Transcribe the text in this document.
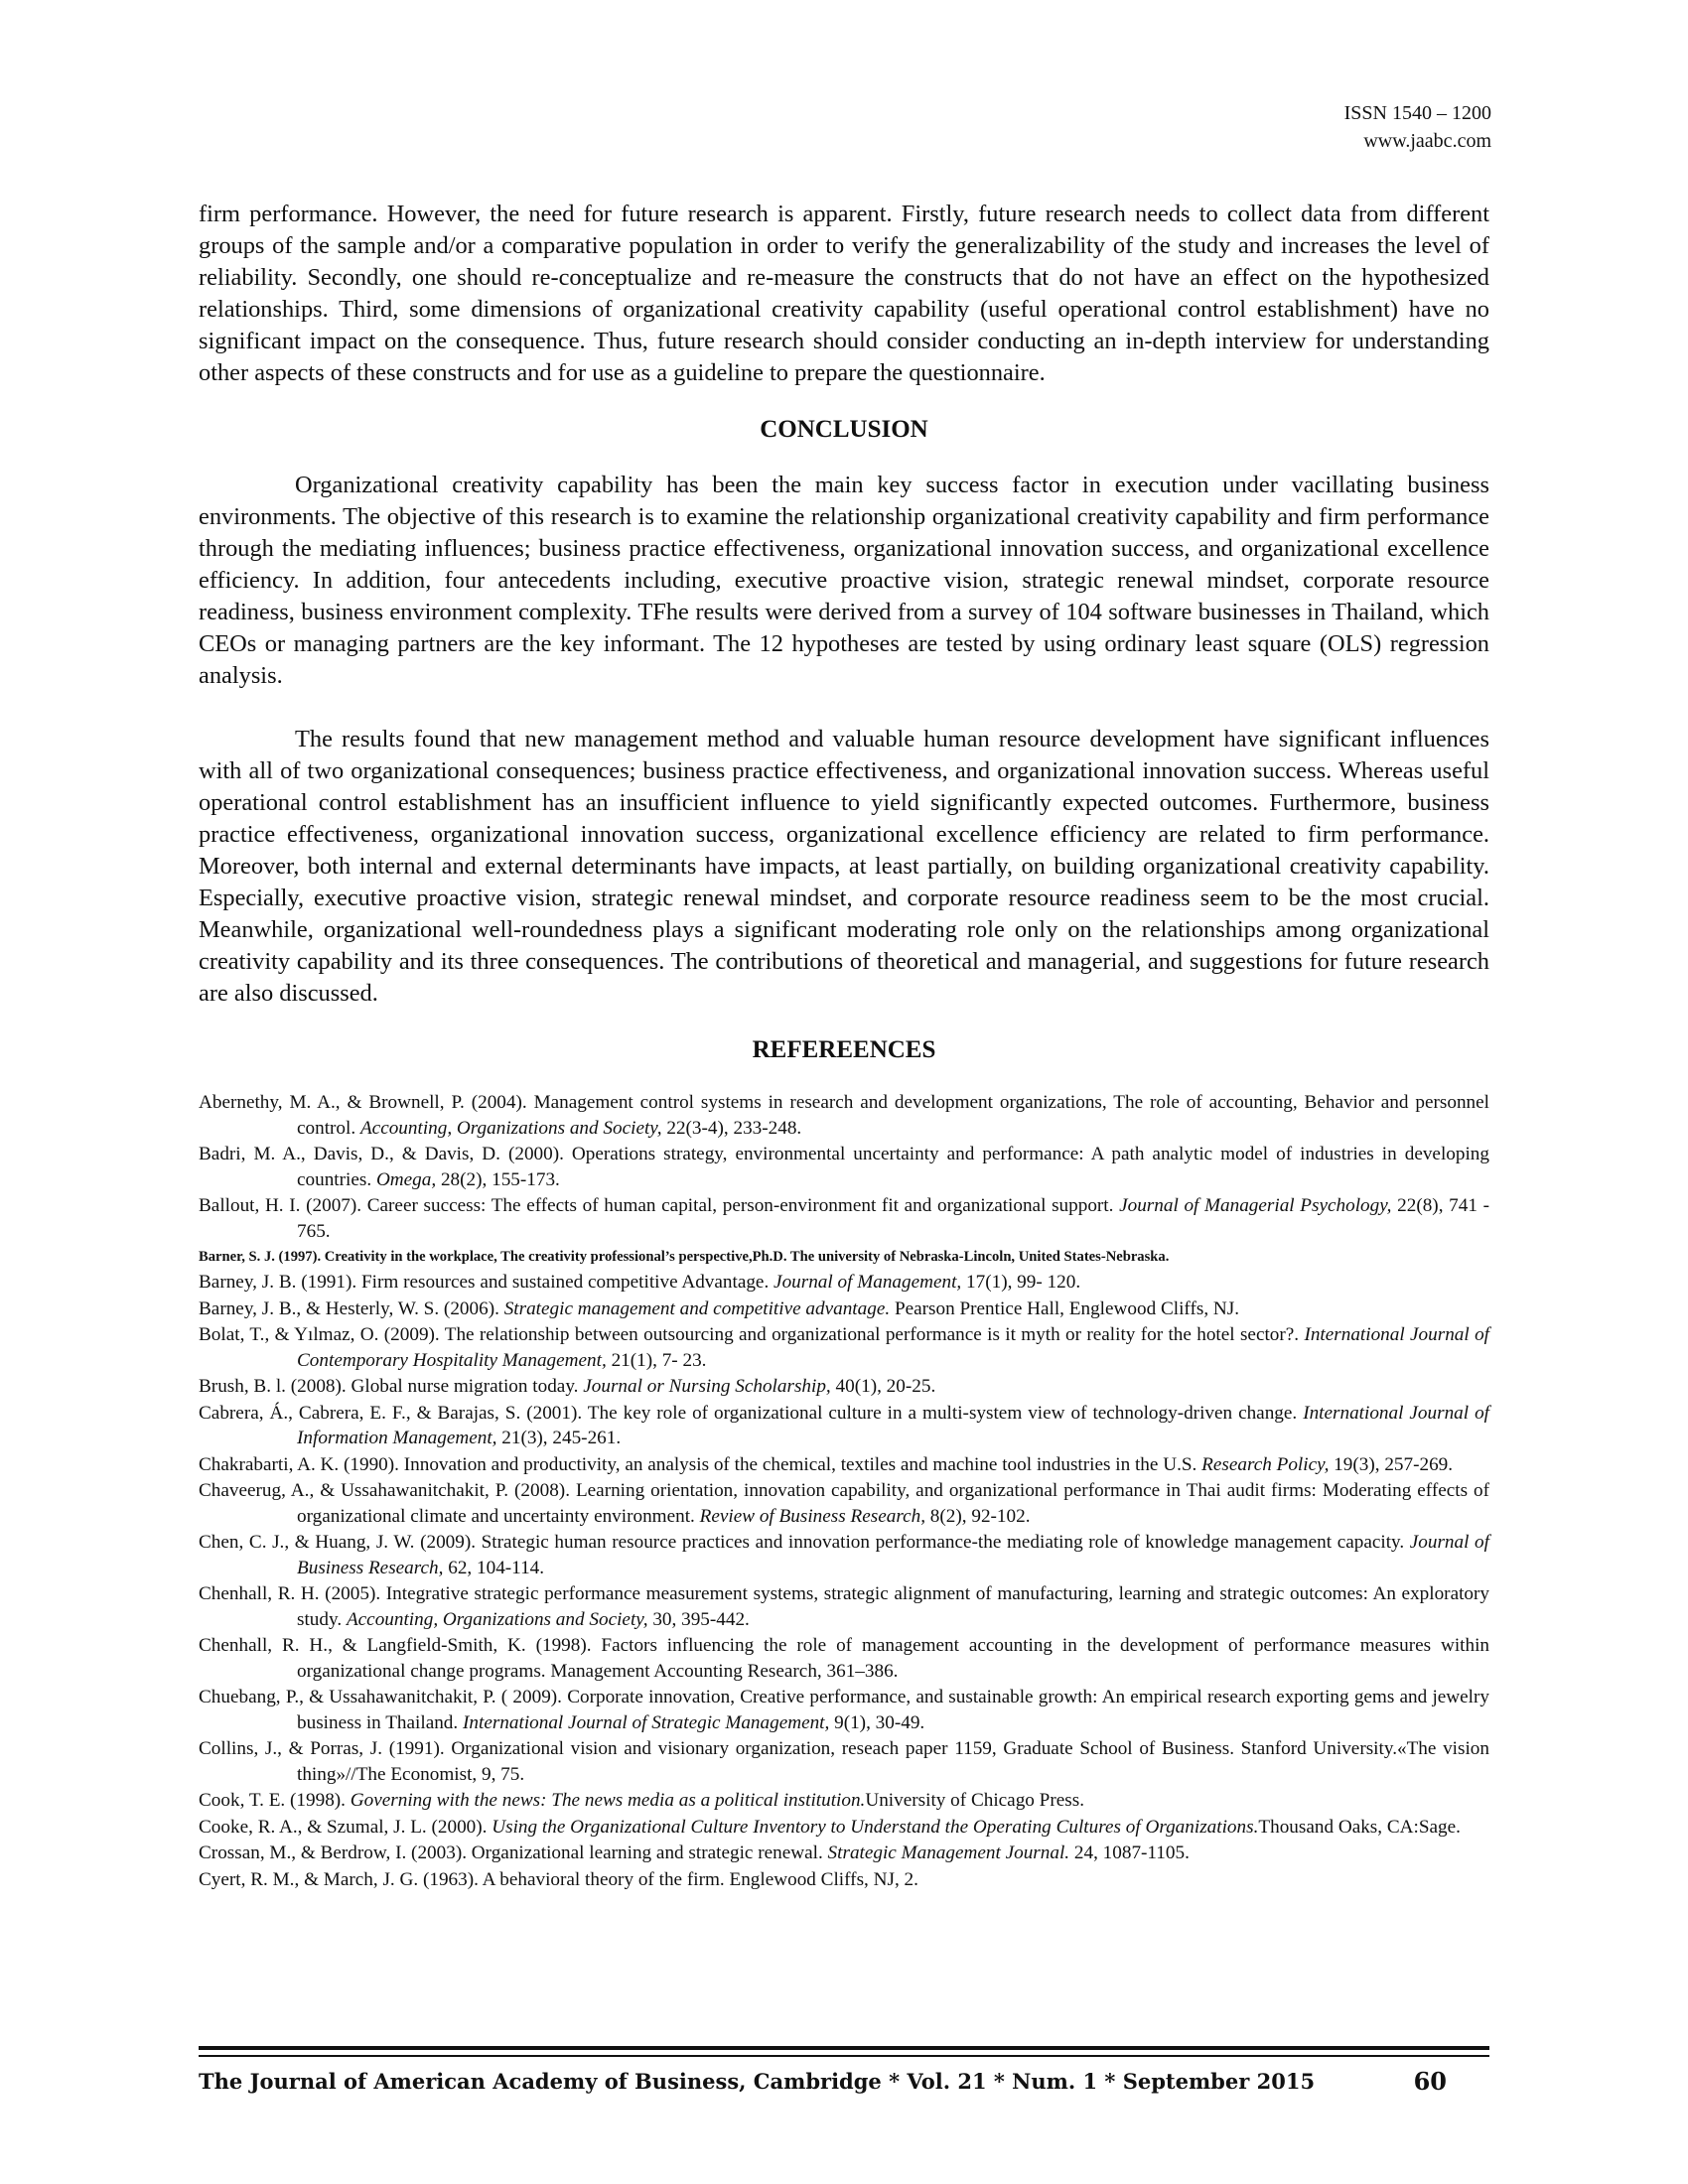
ISSN 1540 – 1200
www.jaabc.com

firm performance. However, the need for future research is apparent. Firstly, future research needs to collect data from different groups of the sample and/or a comparative population in order to verify the generalizability of the study and increases the level of reliability. Secondly, one should re-conceptualize and re-measure the constructs that do not have an effect on the hypothesized relationships. Third, some dimensions of organizational creativity capability (useful operational control establishment) have no significant impact on the consequence. Thus, future research should consider conducting an in-depth interview for understanding other aspects of these constructs and for use as a guideline to prepare the questionnaire.

CONCLUSION

Organizational creativity capability has been the main key success factor in execution under vacillating business environments. The objective of this research is to examine the relationship organizational creativity capability and firm performance through the mediating influences; business practice effectiveness, organizational innovation success, and organizational excellence efficiency. In addition, four antecedents including, executive proactive vision, strategic renewal mindset, corporate resource readiness, business environment complexity. TFhe results were derived from a survey of 104 software businesses in Thailand, which CEOs or managing partners are the key informant. The 12 hypotheses are tested by using ordinary least square (OLS) regression analysis.

The results found that new management method and valuable human resource development have significant influences with all of two organizational consequences; business practice effectiveness, and organizational innovation success. Whereas useful operational control establishment has an insufficient influence to yield significantly expected outcomes. Furthermore, business practice effectiveness, organizational innovation success, organizational excellence efficiency are related to firm performance. Moreover, both internal and external determinants have impacts, at least partially, on building organizational creativity capability. Especially, executive proactive vision, strategic renewal mindset, and corporate resource readiness seem to be the most crucial. Meanwhile, organizational well-roundedness plays a significant moderating role only on the relationships among organizational creativity capability and its three consequences. The contributions of theoretical and managerial, and suggestions for future research are also discussed.

REFEREENCES
Abernethy, M. A., & Brownell, P. (2004). Management control systems in research and development organizations, The role of accounting, Behavior and personnel control. Accounting, Organizations and Society, 22(3-4), 233-248.
Badri, M. A., Davis, D., & Davis, D. (2000). Operations strategy, environmental uncertainty and performance: A path analytic model of industries in developing countries. Omega, 28(2), 155-173.
Ballout, H. I. (2007). Career success: The effects of human capital, person-environment fit and organizational support. Journal of Managerial Psychology, 22(8), 741 - 765.
Barner, S. J. (1997). Creativity in the workplace, The creativity professional’s perspective,Ph.D. The university of Nebraska-Lincoln, United States-Nebraska.
Barney, J. B. (1991). Firm resources and sustained competitive Advantage. Journal of Management, 17(1), 99- 120.
Barney, J. B., & Hesterly, W. S. (2006). Strategic management and competitive advantage. Pearson Prentice Hall, Englewood Cliffs, NJ.
Bolat, T., & Yılmaz, O. (2009). The relationship between outsourcing and organizational performance is it myth or reality for the hotel sector?. International Journal of Contemporary Hospitality Management, 21(1), 7- 23.
Brush, B. l. (2008). Global nurse migration today. Journal or Nursing Scholarship, 40(1), 20-25.
Cabrera, Á., Cabrera, E. F., & Barajas, S. (2001). The key role of organizational culture in a multi-system view of technology-driven change. International Journal of Information Management, 21(3), 245-261.
Chakrabarti, A. K. (1990). Innovation and productivity, an analysis of the chemical, textiles and machine tool industries in the U.S. Research Policy, 19(3), 257-269.
Chaveerug, A., & Ussahawanitchakit, P. (2008). Learning orientation, innovation capability, and organizational performance in Thai audit firms: Moderating effects of organizational climate and uncertainty environment. Review of Business Research, 8(2), 92-102.
Chen, C. J., & Huang, J. W. (2009). Strategic human resource practices and innovation performance-the mediating role of knowledge management capacity. Journal of Business Research, 62, 104-114.
Chenhall, R. H. (2005). Integrative strategic performance measurement systems, strategic alignment of manufacturing, learning and strategic outcomes: An exploratory study. Accounting, Organizations and Society, 30, 395-442.
Chenhall, R. H., & Langfield-Smith, K. (1998). Factors influencing the role of management accounting in the development of performance measures within organizational change programs. Management Accounting Research, 361–386.
Chuebang, P., & Ussahawanitchakit, P. ( 2009). Corporate innovation, Creative performance, and sustainable growth: An empirical research exporting gems and jewelry business in Thailand. International Journal of Strategic Management, 9(1), 30-49.
Collins, J., & Porras, J. (1991). Organizational vision and visionary organization, reseach paper 1159, Graduate School of Business. Stanford University.«The vision thing»//The Economist, 9, 75.
Cook, T. E. (1998). Governing with the news: The news media as a political institution.University of Chicago Press.
Cooke, R. A., & Szumal, J. L. (2000). Using the Organizational Culture Inventory to Understand the Operating Cultures of Organizations.Thousand Oaks, CA:Sage.
Crossan, M., & Berdrow, I. (2003). Organizational learning and strategic renewal. Strategic Management Journal. 24, 1087-1105.
Cyert, R. M., & March, J. G. (1963). A behavioral theory of the firm. Englewood Cliffs, NJ, 2.
The Journal of American Academy of Business, Cambridge * Vol. 21 * Num. 1 * September 2015	60
